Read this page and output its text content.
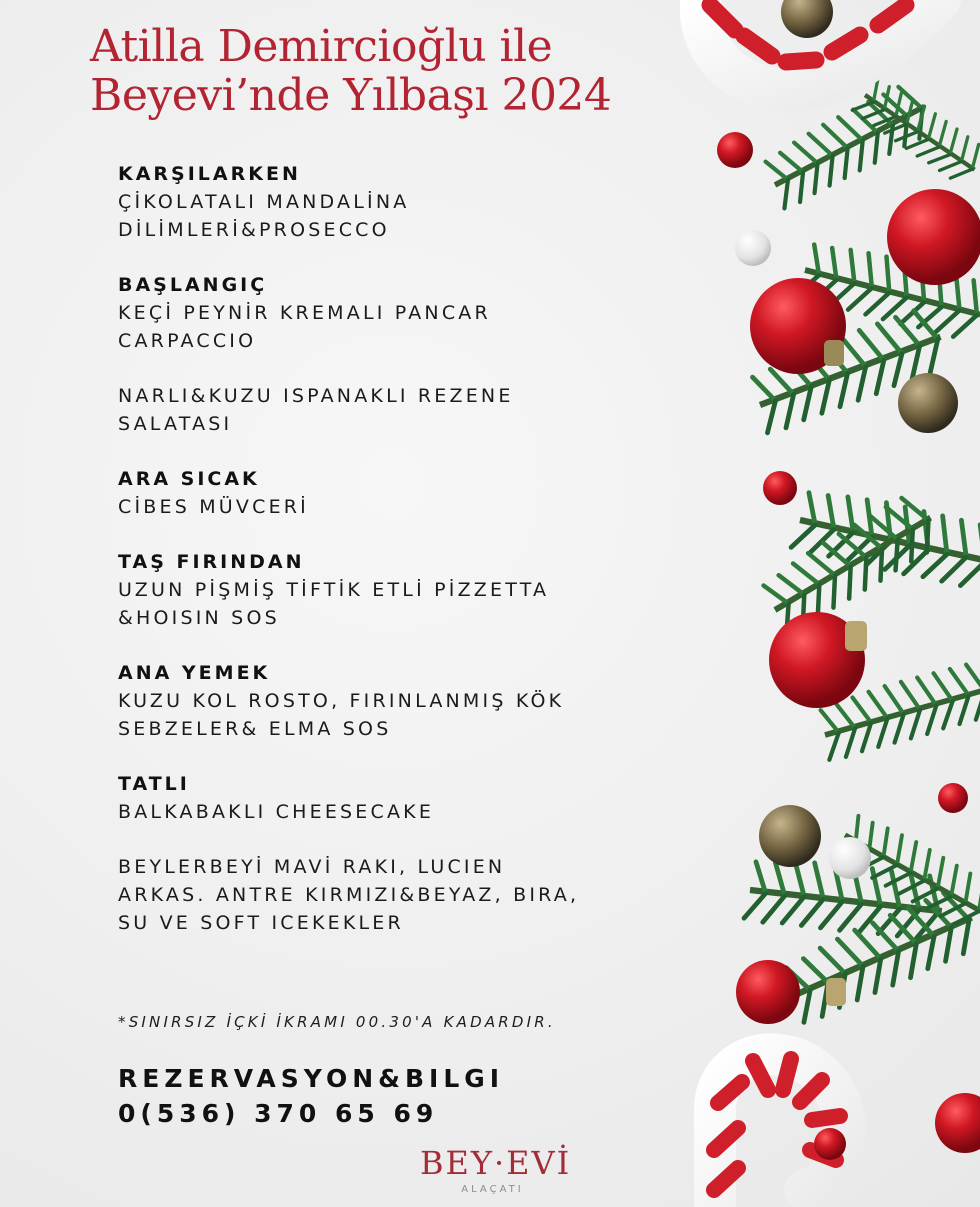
Atilla Demircioğlu ile
Beyevi’nde Yılbaşı 2024
KARŞILARKEN
ÇİKOLATALI MANDALİNA
DİLİMLERİ&PROSECCO
BAŞLANGIÇ
KEÇİ PEYNİR KREMALI PANCAR
CARPACCIO
NARLI&KUZU ISPANAKLI REZENE
SALATASI
ARA SICAK
CİBES MÜVCERİ
TAŞ FIRINDAN
UZUN PİŞMİŞ TİFTİK ETLİ PİZZETTA
&HOISIN SOS
ANA YEMEK
KUZU KOL ROSTO, FIRINLANMIŞ KÖK
SEBZELER& ELMA SOS
TATLI
BALKABAKLI CHEESECAKE
BEYLERBEYİ MAVİ RAKI, LUCIEN
ARKAS. ANTRE KIRMIZI&BEYAZ, BIRA,
SU VE SOFT ICEKEKLER
*SINIRSIZ İÇKİ İKRAMI 00.30'A KADARDIR.
REZERVASYON&BILGI
0(536) 370 65 69
BEY·EVİ
ALAÇATI
